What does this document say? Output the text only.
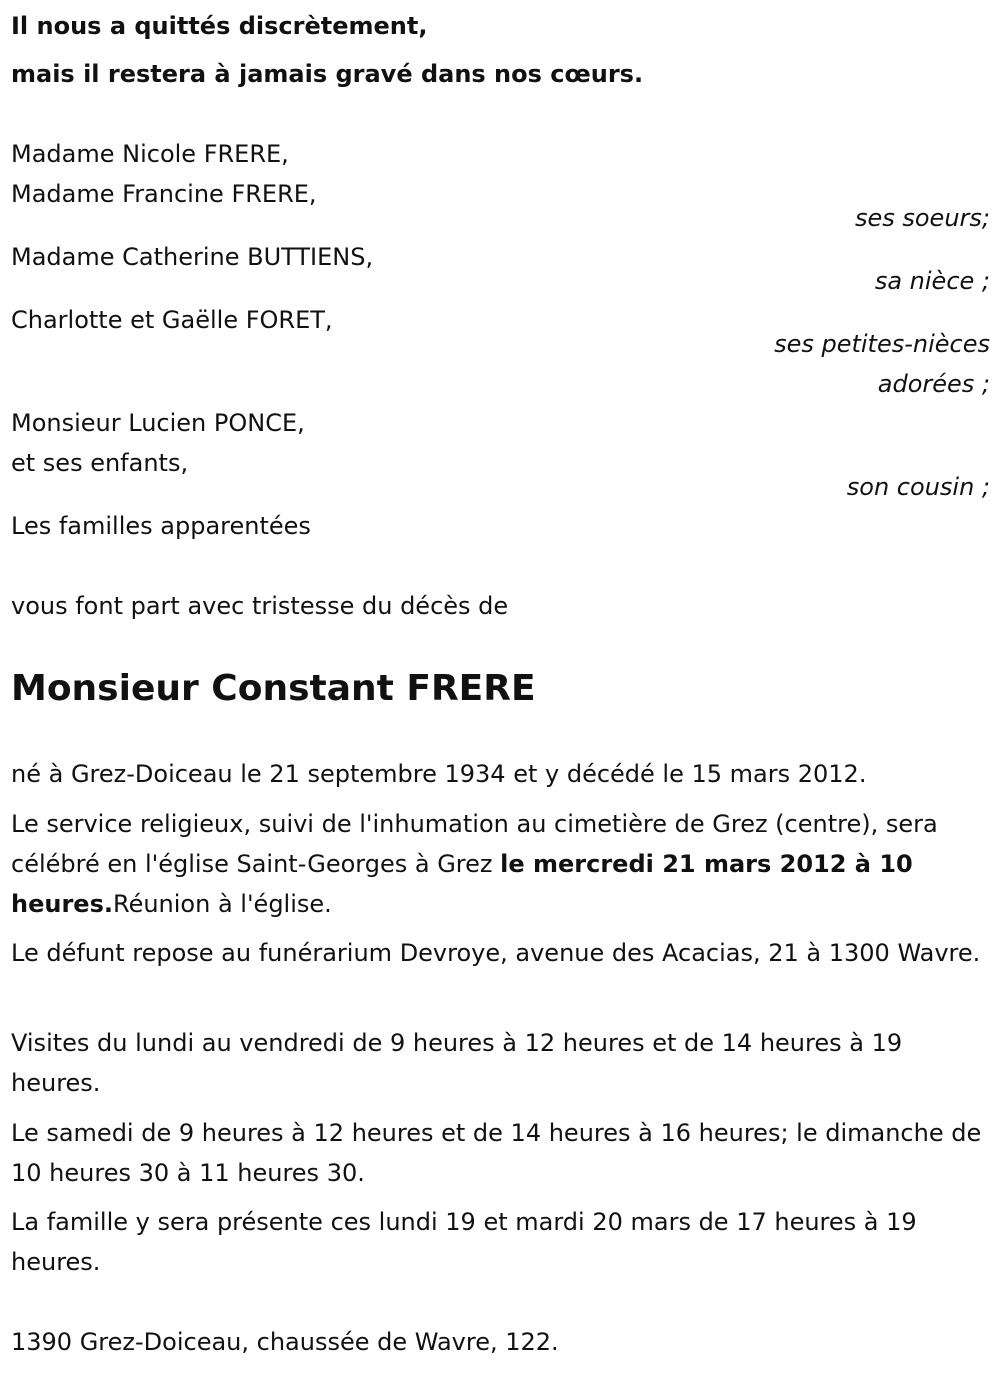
Il nous a quittés discrètement,

mais il restera à jamais gravé dans nos cœurs.

Madame Nicole FRERE,

Madame Francine FRERE,

ses soeurs;

Madame Catherine BUTTIENS,

sa nièce ;

Charlotte et Gaëlle FORET,

ses petites-nièces
adorées ;

Monsieur Lucien PONCE,

et ses enfants,

son cousin ;

Les familles apparentées

vous font part avec tristesse du décès de

Monsieur Constant FRERE

né à Grez-Doiceau le 21 septembre 1934 et y décédé le 15 mars 2012.

Le service religieux, suivi de l'inhumation au cimetière de Grez (centre), sera célébré en l'église Saint-Georges à Grez le mercredi 21 mars 2012 à 10 heures.Réunion à l'église.

Le défunt repose au funérarium Devroye, avenue des Acacias, 21 à 1300 Wavre.

Visites du lundi au vendredi de 9 heures à 12 heures et de 14 heures à 19 heures.

Le samedi de 9 heures à 12 heures et de 14 heures à 16 heures; le dimanche de 10 heures 30 à 11 heures 30.

La famille y sera présente ces lundi 19 et mardi 20 mars de 17 heures à 19 heures.

1390 Grez-Doiceau, chaussée de Wavre, 122.
